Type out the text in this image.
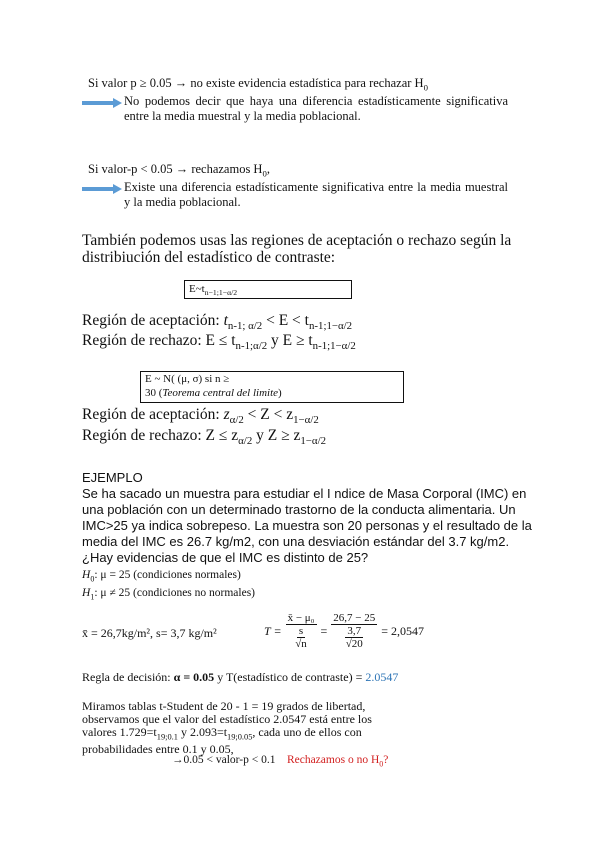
Si valor p ≥ 0.05 → no existe evidencia estadística para rechazar $H_0$
No podemos decir que haya una diferencia estadísticamente significativa entre la media muestral y la media poblacional.
Si valor-p < 0.05 → rechazamos $H_0$,
Existe una diferencia estadísticamente significativa entre la media muestral y la media poblacional.
También podemos usas las regiones de aceptación o rechazo según la distribiución del estadístico de contraste:
$E\sim t_{n-1;1-\alpha/2}$
Región de aceptación: $t_{n-1; \alpha/2} < E < t_{n-1;1-\alpha/2}$
Región de rechazo: $E \le t_{n-1;\alpha/2}$ y $E \ge t_{n-1;1-\alpha/2}$
E ~ N( (μ, σ) si n ≥
30 (Teorema central del limite)
Región de aceptación: $z_{\alpha/2} < Z < z_{1-\alpha/2}$
Región de rechazo: $Z \le z_{\alpha/2}$ y $Z \ge z_{1-\alpha/2}$
EJEMPLO
Se ha sacado un muestra para estudiar el I ndice de Masa Corporal (IMC) en una población con un determinado trastorno de la conducta alimentaria. Un IMC>25 ya indica sobrepeso. La muestra son 20 personas y el resultado de la media del IMC es 26.7 kg/m2, con una desviación estándar del 3.7 kg/m2. ¿Hay evidencias de que el IMC es distinto de 25?
$H_0$: μ = 25 (condiciones normales)
$H_1$: μ ≠ 25 (condiciones no normales)
x̄ = 26,7kg/m², s= 3,7 kg/m²	T = x̄ − μ₀
s
√n = 26,7 − 25
3,7
√20 = 2,0547
Regla de decisión: α = 0.05 y T(estadístico de contraste) = 2.0547
Miramos tablas t-Student de 20 - 1 = 19 grados de libertad, observamos que el valor del estadístico 2.0547 está entre los valores $1.729=t_{19;0.1}$ y $2.093=t_{19;0.05}$, cada uno de ellos con probabilidades entre 0.1 y 0.05,
→0.05 < valor-p < 0.1 Rechazamos o no $H_0$?
